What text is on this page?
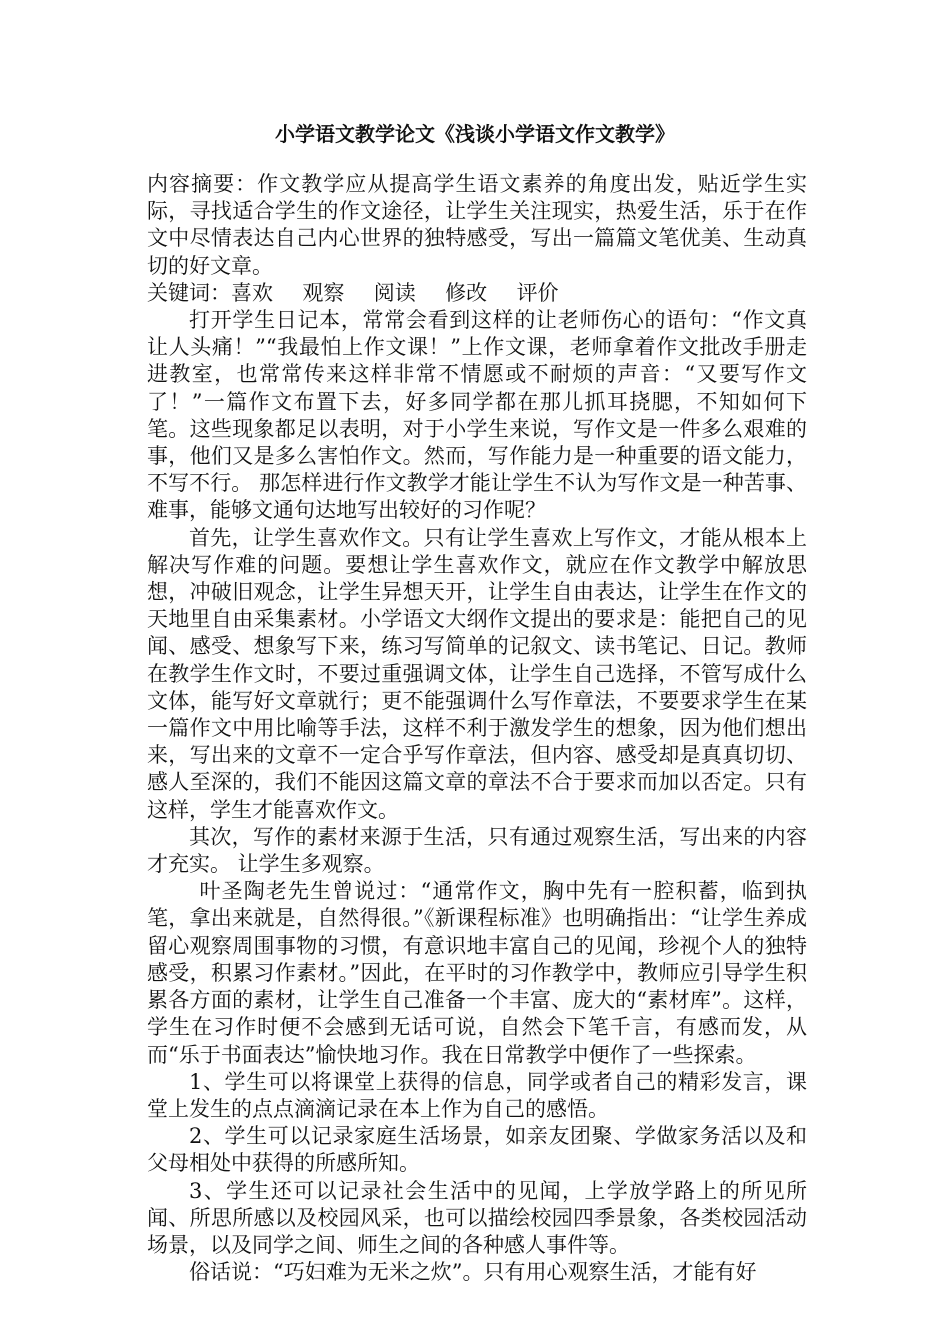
小学语文教学论文《浅谈小学语文作文教学》

内容摘要：作文教学应从提高学生语文素养的角度出发，贴近学生实际，寻找适合学生的作文途径，让学生关注现实，热爱生活，乐于在作文中尽情表达自己内心世界的独特感受，写出一篇篇文笔优美、生动真切的好文章。

关键词：喜欢 观察 阅读 修改 评价

打开学生日记本，常常会看到这样的让老师伤心的语句：“作文真让人头痛！”“我最怕上作文课！”上作文课，老师拿着作文批改手册走进教室，也常常传来这样非常不情愿或不耐烦的声音：“又要写作文了！”一篇作文布置下去，好多同学都在那儿抓耳挠腮，不知如何下笔。这些现象都足以表明，对于小学生来说，写作文是一件多么艰难的事，他们又是多么害怕作文。然而，写作能力是一种重要的语文能力，不写不行。 那怎样进行作文教学才能让学生不认为写作文是一种苦事、难事，能够文通句达地写出较好的习作呢？

首先，让学生喜欢作文。只有让学生喜欢上写作文，才能从根本上解决写作难的问题。要想让学生喜欢作文，就应在作文教学中解放思想，冲破旧观念，让学生异想天开，让学生自由表达，让学生在作文的天地里自由采集素材。小学语文大纲作文提出的要求是：能把自己的见闻、感受、想象写下来，练习写简单的记叙文、读书笔记、日记。教师在教学生作文时，不要过重强调文体，让学生自己选择，不管写成什么文体，能写好文章就行；更不能强调什么写作章法，不要要求学生在某一篇作文中用比喻等手法，这样不利于激发学生的想象，因为他们想出来，写出来的文章不一定合乎写作章法，但内容、感受却是真真切切、感人至深的，我们不能因这篇文章的章法不合于要求而加以否定。只有这样，学生才能喜欢作文。

其次，写作的素材来源于生活，只有通过观察生活，写出来的内容才充实。 让学生多观察。

叶圣陶老先生曾说过：“通常作文，胸中先有一腔积蓄，临到执笔，拿出来就是，自然得很。”《新课程标准》也明确指出：“让学生养成留心观察周围事物的习惯，有意识地丰富自己的见闻，珍视个人的独特感受，积累习作素材。”因此，在平时的习作教学中，教师应引导学生积累各方面的素材，让学生自己准备一个丰富、庞大的“素材库”。这样，学生在习作时便不会感到无话可说，自然会下笔千言，有感而发，从而“乐于书面表达”愉快地习作。我在日常教学中便作了一些探索。

1、学生可以将课堂上获得的信息，同学或者自己的精彩发言，课堂上发生的点点滴滴记录在本上作为自己的感悟。

2、学生可以记录家庭生活场景，如亲友团聚、学做家务活以及和父母相处中获得的所感所知。

3、学生还可以记录社会生活中的见闻，上学放学路上的所见所闻、所思所感以及校园风采，也可以描绘校园四季景象，各类校园活动场景，以及同学之间、师生之间的各种感人事件等。

俗话说：“巧妇难为无米之炊”。只有用心观察生活，才能有好
